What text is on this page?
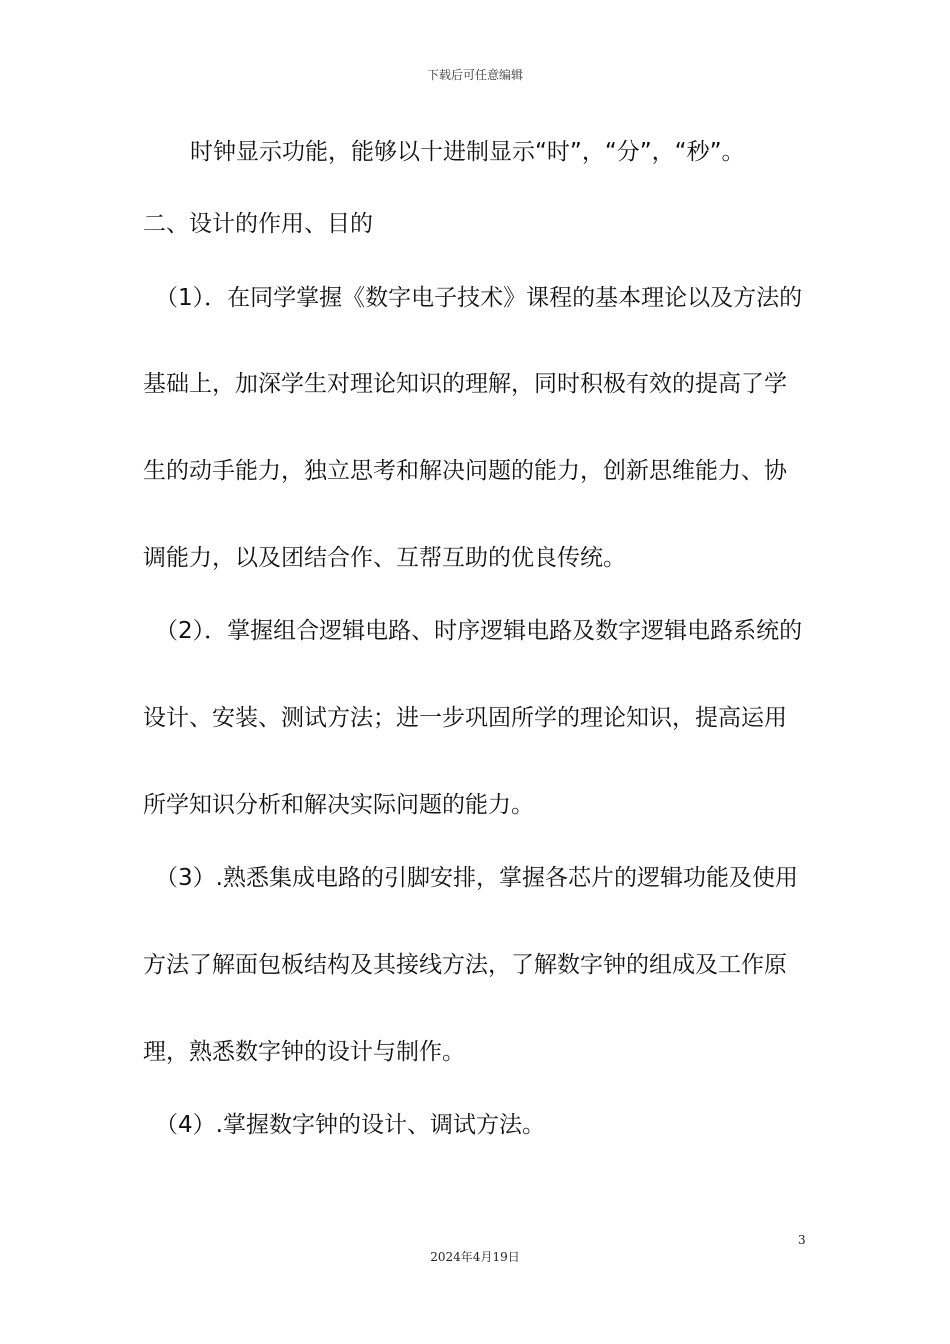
下载后可任意编辑
时钟显示功能，能够以十进制显示“时”，“分”，“秒”。
二、设计的作用、目的
（1）．在同学掌握《数字电子技术》课程的基本理论以及方法的
基础上，加深学生对理论知识的理解，同时积极有效的提高了学
生的动手能力，独立思考和解决问题的能力，创新思维能力、协
调能力，以及团结合作、互帮互助的优良传统。
（2）．掌握组合逻辑电路、时序逻辑电路及数字逻辑电路系统的
设计、安装、测试方法；进一步巩固所学的理论知识，提高运用
所学知识分析和解决实际问题的能力。
（3）.熟悉集成电路的引脚安排，掌握各芯片的逻辑功能及使用
方法了解面包板结构及其接线方法，了解数字钟的组成及工作原
理，熟悉数字钟的设计与制作。
（4）.掌握数字钟的设计、调试方法。
3
2024年4月19日
